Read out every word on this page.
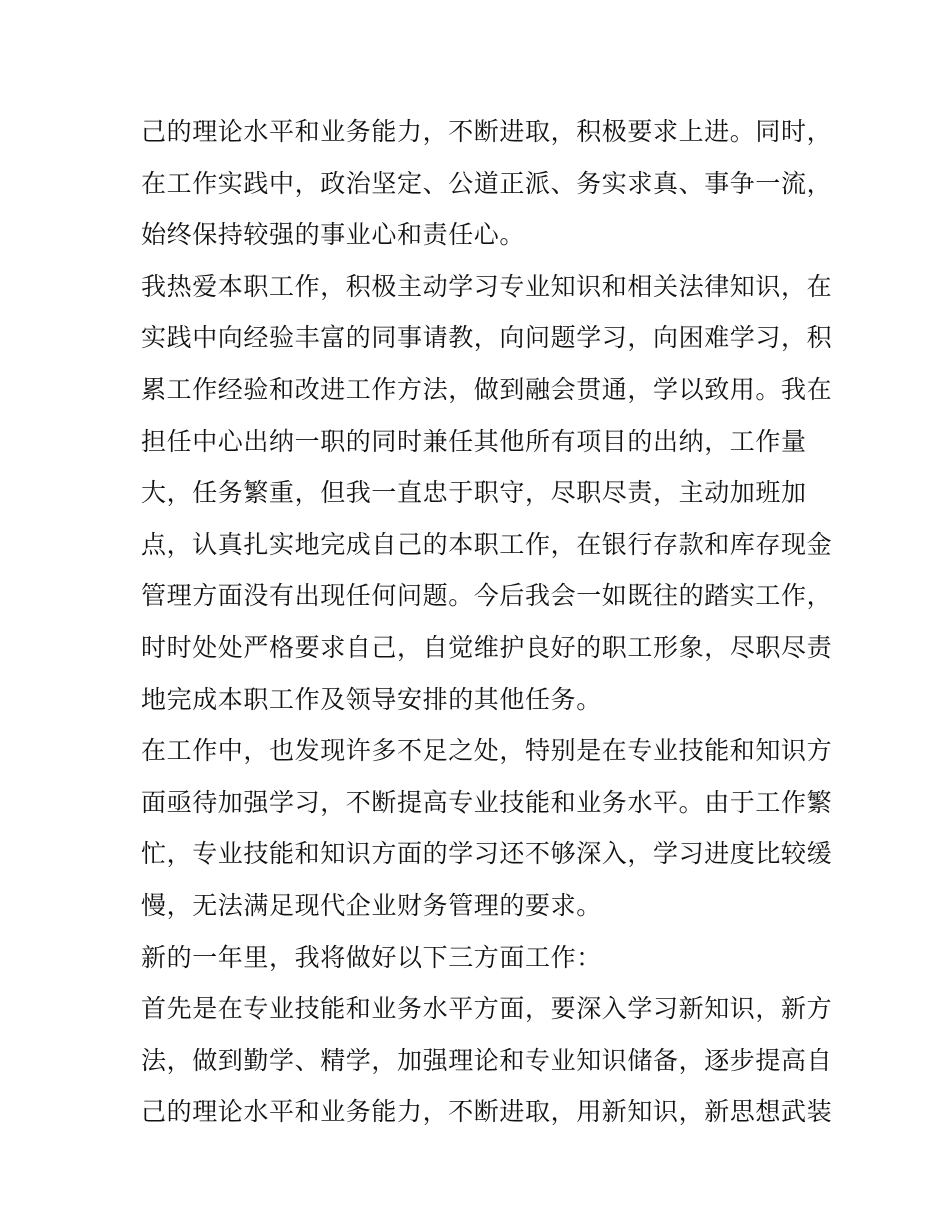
己的理论水平和业务能力，不断进取，积极要求上进。同时，
在工作实践中，政治坚定、公道正派、务实求真、事争一流，
始终保持较强的事业心和责任心。
我热爱本职工作，积极主动学习专业知识和相关法律知识，在
实践中向经验丰富的同事请教，向问题学习，向困难学习，积
累工作经验和改进工作方法，做到融会贯通，学以致用。我在
担任中心出纳一职的同时兼任其他所有项目的出纳，工作量
大，任务繁重，但我一直忠于职守，尽职尽责，主动加班加
点，认真扎实地完成自己的本职工作，在银行存款和库存现金
管理方面没有出现任何问题。今后我会一如既往的踏实工作，
时时处处严格要求自己，自觉维护良好的职工形象，尽职尽责
地完成本职工作及领导安排的其他任务。
在工作中，也发现许多不足之处，特别是在专业技能和知识方
面亟待加强学习，不断提高专业技能和业务水平。由于工作繁
忙，专业技能和知识方面的学习还不够深入，学习进度比较缓
慢，无法满足现代企业财务管理的要求。
新的一年里，我将做好以下三方面工作：
首先是在专业技能和业务水平方面，要深入学习新知识，新方
法，做到勤学、精学，加强理论和专业知识储备，逐步提高自
己的理论水平和业务能力，不断进取，用新知识，新思想武装
